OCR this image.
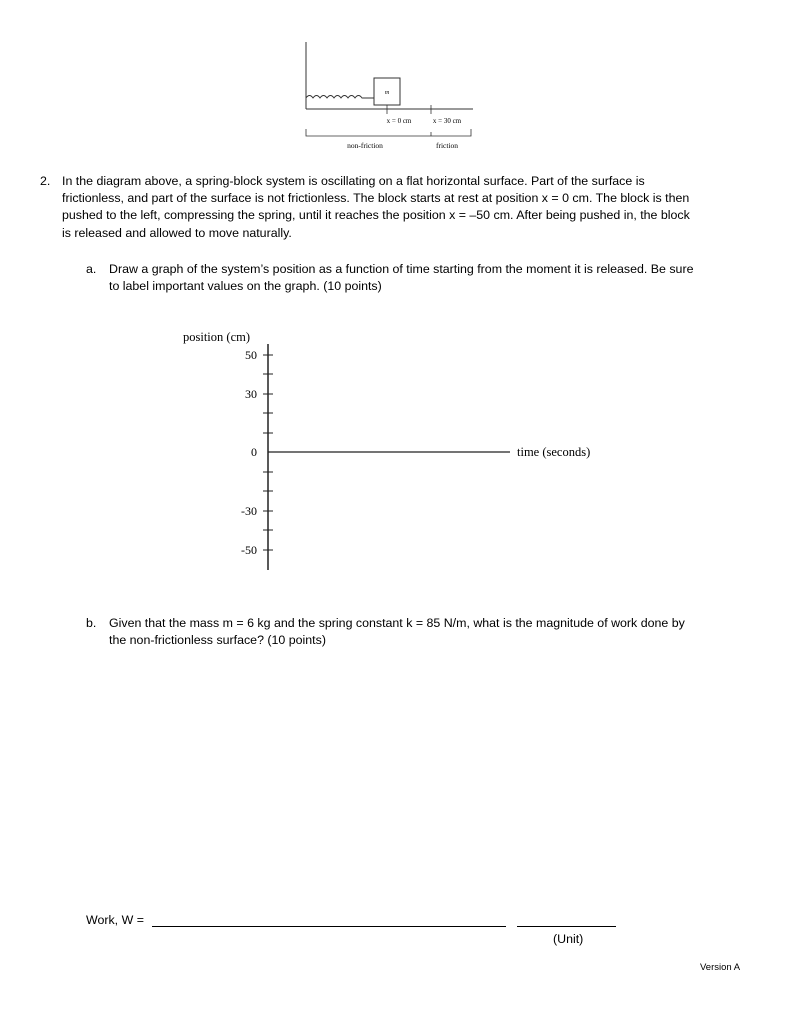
m
x = 0 cm	x = 30 cm
non-friction	friction
2. In the diagram above, a spring-block system is oscillating on a flat horizontal surface. Part of the surface is
frictionless, and part of the surface is not frictionless. The block starts at rest at position x = 0 cm. The block is then
pushed to the left, compressing the spring, until it reaches the position x = –50 cm. After being pushed in, the block
is released and allowed to move naturally.
a. Draw a graph of the system’s position as a function of time starting from the moment it is released. Be sure
to label important values on the graph. (10 points)
position (cm)
time (seconds)
50
30
0
-30
-50
b. Given that the mass m = 6 kg and the spring constant k = 85 N/m, what is the magnitude of work done by
the non-frictionless surface? (10 points)
Work, W =
(Unit)
Version A
